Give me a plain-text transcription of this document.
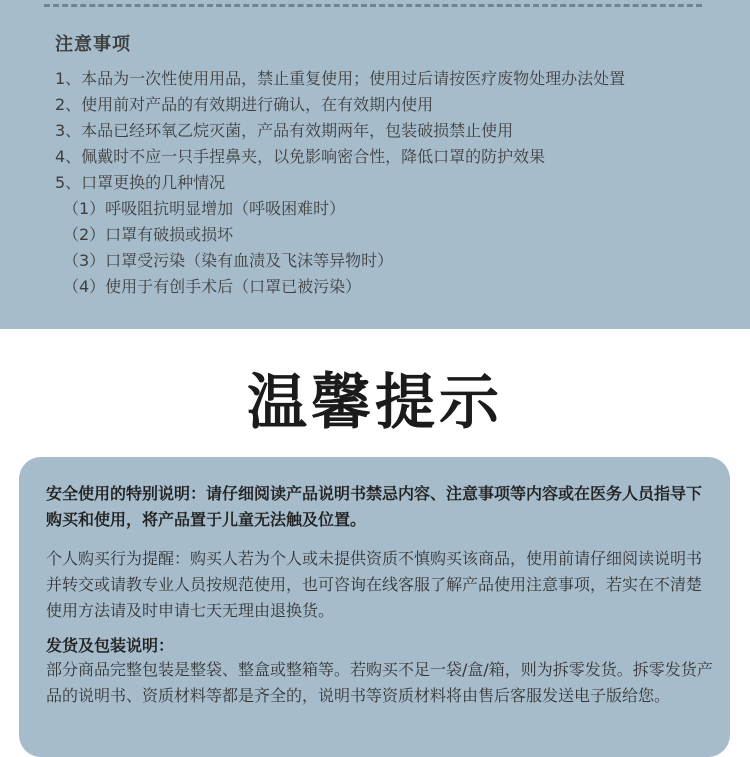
注意事项
1、本品为一次性使用用品，禁止重复使用；使用过后请按医疗废物处理办法处置
2、使用前对产品的有效期进行确认，在有效期内使用
3、本品已经环氧乙烷灭菌，产品有效期两年，包装破损禁止使用
4、佩戴时不应一只手捏鼻夹，以免影响密合性，降低口罩的防护效果
5、口罩更换的几种情况
（1）呼吸阻抗明显增加（呼吸困难时）
（2）口罩有破损或损坏
（3）口罩受污染（染有血渍及飞沫等异物时）
（4）使用于有创手术后（口罩已被污染）
温馨提示

安全使用的特别说明：请仔细阅读产品说明书禁忌内容、注意事项等内容或在医务人员指导下购买和使用，将产品置于儿童无法触及位置。

个人购买行为提醒：购买人若为个人或未提供资质不慎购买该商品，使用前请仔细阅读说明书并转交或请教专业人员按规范使用，也可咨询在线客服了解产品使用注意事项，若实在不清楚使用方法请及时申请七天无理由退换货。

发货及包装说明：

部分商品完整包装是整袋、整盒或整箱等。若购买不足一袋/盒/箱，则为拆零发货。拆零发货产品的说明书、资质材料等都是齐全的，说明书等资质材料将由售后客服发送电子版给您。
